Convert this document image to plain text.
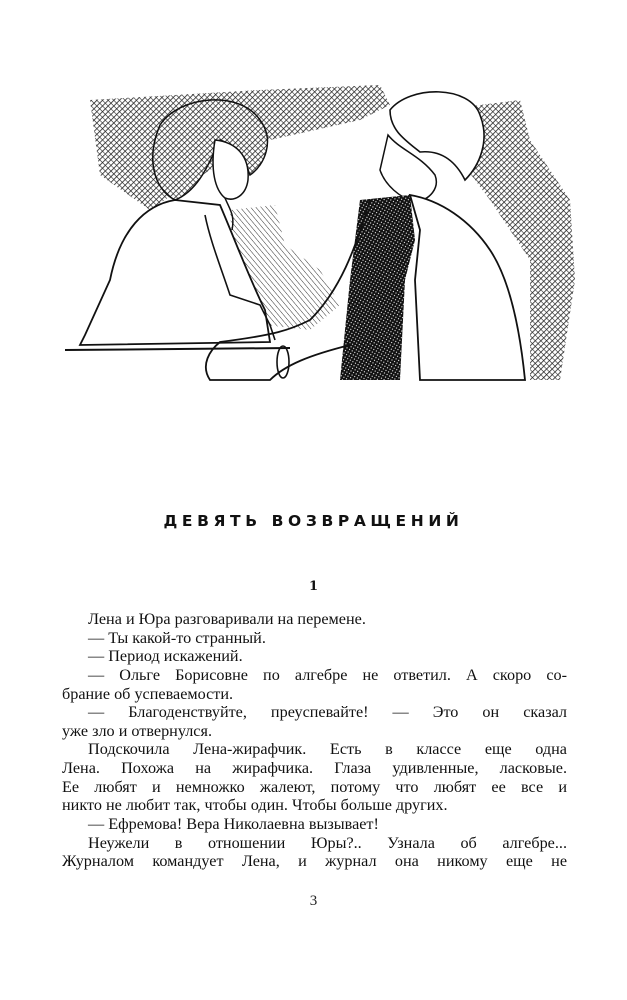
ДЕВЯТЬ ВОЗВРАЩЕНИЙ
1
Лена и Юра разговаривали на перемене.
— Ты какой-то странный.
— Период искажений.
— Ольге Борисовне по алгебре не ответил. А скоро со-
брание об успеваемости.
— Благоденствуйте, преуспевайте! — Это он сказал
уже зло и отвернулся.
Подскочила Лена-жирафчик. Есть в классе еще одна
Лена. Похожа на жирафчика. Глаза удивленные, ласковые.
Ее любят и немножко жалеют, потому что любят ее все и
никто не любит так, чтобы один. Чтобы больше других.
— Ефремова! Вера Николаевна вызывает!
Неужели в отношении Юры?.. Узнала об алгебре...
Журналом командует Лена, и журнал она никому еще не
3
